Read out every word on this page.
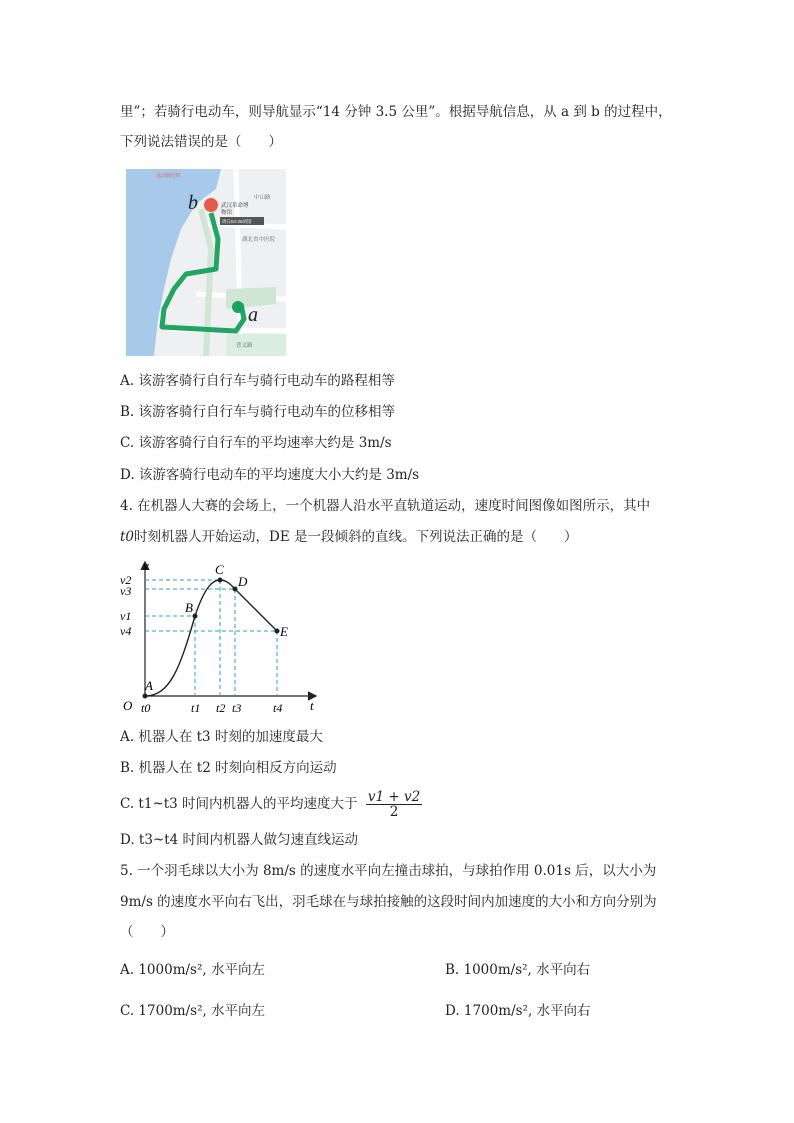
里”；若骑行电动车，则导航显示“14 分钟 3.5 公里”。根据导航信息，从 a 到 b 的过程中，
下列说法错误的是（　　）
远动骑行时
b
a
武汉革命博
物馆
周日04-26闭馆
湖北省中医院
中山路
普义路
A. 该游客骑行自行车与骑行电动车的路程相等
B. 该游客骑行自行车与骑行电动车的位移相等
C. 该游客骑行自行车的平均速率大约是 3m/s
D. 该游客骑行电动车的平均速度大小大约是 3m/s
4. 在机器人大赛的会场上，一个机器人沿水平直轨道运动，速度时间图像如图所示，其中
t0时刻机器人开始运动，DE 是一段倾斜的直线。下列说法正确的是（　　）
v
t
O
v2
v3
v1
v4
t0	t1 t2 t3	t4
A
B
C
D
E
A. 机器人在 t3 时刻的加速度最大
B. 机器人在 t2 时刻向相反方向运动
C. t1~t3 时间内机器人的平均速度大于 $\frac{v1 + v2}{2}$
D. t3~t4 时间内机器人做匀速直线运动
5. 一个羽毛球以大小为 8m/s 的速度水平向左撞击球拍，与球拍作用 0.01s 后，以大小为
9m/s 的速度水平向右飞出，羽毛球在与球拍接触的这段时间内加速度的大小和方向分别为
（　　）
A. 1000m/s², 水平向左	B. 1000m/s², 水平向右
C. 1700m/s², 水平向左	D. 1700m/s², 水平向右
